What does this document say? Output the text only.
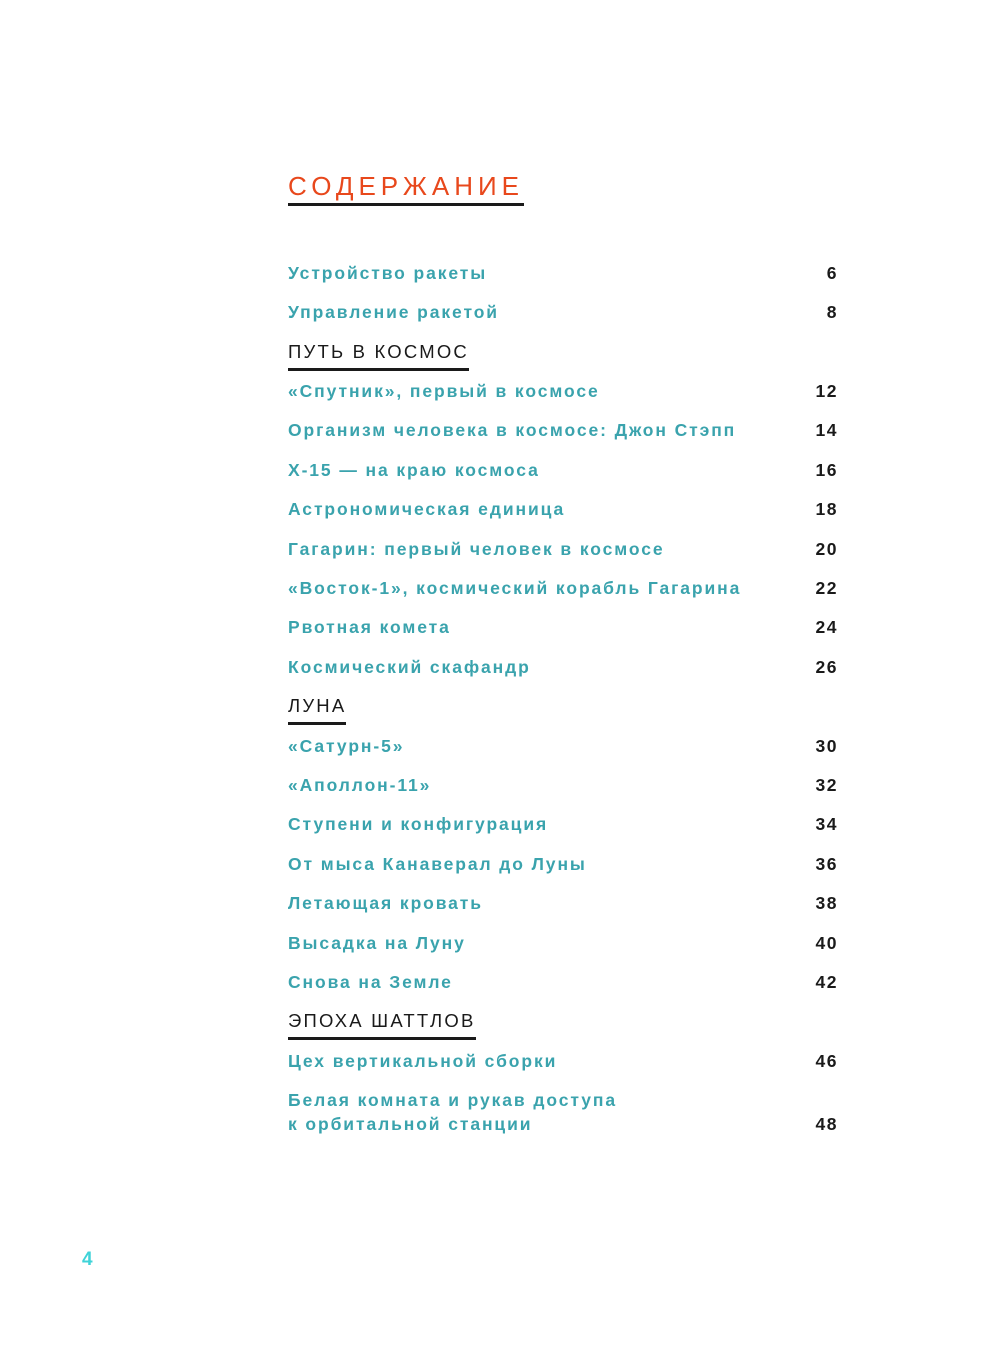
СОДЕРЖАНИЕ
Устройство ракеты	6
Управление ракетой	8
ПУТЬ В КОСМОС
«Спутник», первый в космосе	12
Организм человека в космосе: Джон Стэпп	14
X-15 — на краю космоса	16
Астрономическая единица	18
Гагарин: первый человек в космосе	20
«Восток-1», космический корабль Гагарина	22
Рвотная комета	24
Космический скафандр	26
ЛУНА
«Сатурн-5»	30
«Аполлон-11»	32
Ступени и конфигурация	34
От мыса Канаверал до Луны	36
Летающая кровать	38
Высадка на Луну	40
Снова на Земле	42
ЭПОХА ШАТТЛОВ
Цех вертикальной сборки	46
Белая комната и рукав доступа
к орбитальной станции	48
4
